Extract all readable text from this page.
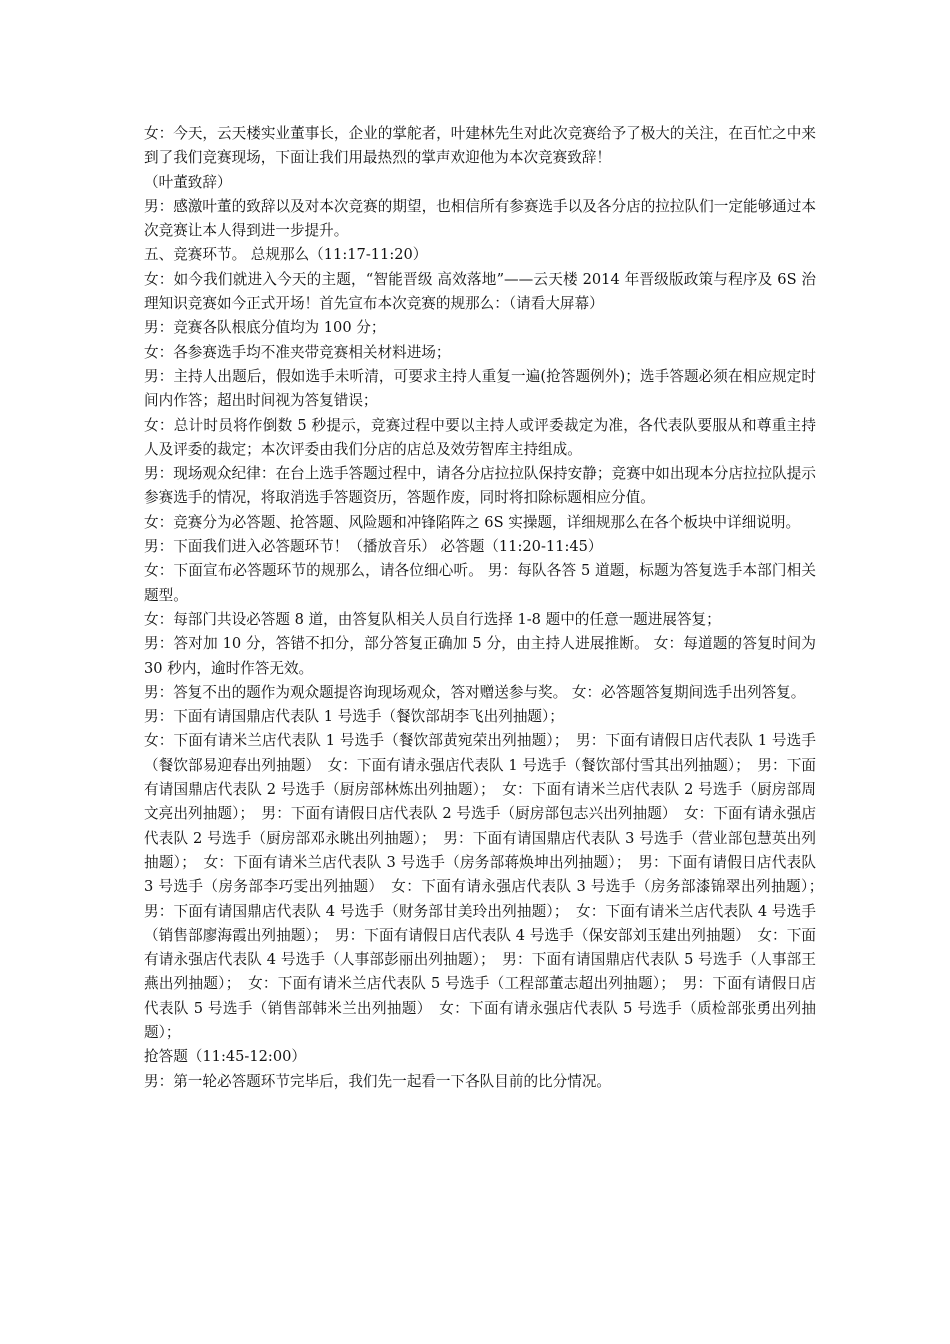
女：今天，云天楼实业董事长，企业的掌舵者，叶建林先生对此次竞赛给予了极大的关注，在百忙之中来到了我们竞赛现场，下面让我们用最热烈的掌声欢迎他为本次竞赛致辞！

（叶董致辞）

男：感激叶董的致辞以及对本次竞赛的期望，也相信所有参赛选手以及各分店的拉拉队们一定能够通过本次竞赛让本人得到进一步提升。

五、竞赛环节。 总规那么（11:17-11:20）

女：如今我们就进入今天的主题，“智能晋级 高效落地”——云天楼 2014 年晋级版政策与程序及 6S 治理知识竞赛如今正式开场！首先宣布本次竞赛的规那么：（请看大屏幕）

男：竞赛各队根底分值均为 100 分；

女：各参赛选手均不准夹带竞赛相关材料进场；

男：主持人出题后，假如选手未听清，可要求主持人重复一遍(抢答题例外)；选手答题必须在相应规定时间内作答；超出时间视为答复错误；

女：总计时员将作倒数 5 秒提示，竞赛过程中要以主持人或评委裁定为准，各代表队要服从和尊重主持人及评委的裁定；本次评委由我们分店的店总及效劳智库主持组成。

男：现场观众纪律：在台上选手答题过程中，请各分店拉拉队保持安静；竞赛中如出现本分店拉拉队提示参赛选手的情况，将取消选手答题资历，答题作废，同时将扣除标题相应分值。

女：竞赛分为必答题、抢答题、风险题和冲锋陷阵之 6S 实操题，详细规那么在各个板块中详细说明。

男：下面我们进入必答题环节！（播放音乐） 必答题（11:20-11:45）

女：下面宣布必答题环节的规那么，请各位细心听。 男：每队各答 5 道题，标题为答复选手本部门相关题型。

女：每部门共设必答题 8 道，由答复队相关人员自行选择 1-8 题中的任意一题进展答复；

男：答对加 10 分，答错不扣分，部分答复正确加 5 分，由主持人进展推断。 女：每道题的答复时间为 30 秒内，逾时作答无效。

男：答复不出的题作为观众题提咨询现场观众，答对赠送参与奖。 女：必答题答复期间选手出列答复。

男：下面有请国鼎店代表队 1 号选手（餐饮部胡李飞出列抽题）；

女：下面有请米兰店代表队 1 号选手（餐饮部黄宛荣出列抽题）；　男：下面有请假日店代表队 1 号选手（餐饮部易迎春出列抽题）　女：下面有请永强店代表队 1 号选手（餐饮部付雪其出列抽题）；　男：下面有请国鼎店代表队 2 号选手（厨房部林炼出列抽题）；　女：下面有请米兰店代表队 2 号选手（厨房部周文亮出列抽题）；　男：下面有请假日店代表队 2 号选手（厨房部包志兴出列抽题）　女：下面有请永强店代表队 2 号选手（厨房部邓永眺出列抽题）；　男：下面有请国鼎店代表队 3 号选手（营业部包慧英出列抽题）；　女：下面有请米兰店代表队 3 号选手（房务部蒋焕坤出列抽题）；　男：下面有请假日店代表队 3 号选手（房务部李巧雯出列抽题）　女：下面有请永强店代表队 3 号选手（房务部漆锦翠出列抽题）；　男：下面有请国鼎店代表队 4 号选手（财务部甘美玲出列抽题）；　女：下面有请米兰店代表队 4 号选手（销售部廖海霞出列抽题）；　男：下面有请假日店代表队 4 号选手（保安部刘玉建出列抽题）　女：下面有请永强店代表队 4 号选手（人事部彭丽出列抽题）；　男：下面有请国鼎店代表队 5 号选手（人事部王燕出列抽题）；　女：下面有请米兰店代表队 5 号选手（工程部董志超出列抽题）；　男：下面有请假日店代表队 5 号选手（销售部韩米兰出列抽题）　女：下面有请永强店代表队 5 号选手（质检部张勇出列抽题）；

抢答题（11:45-12:00）

男：第一轮必答题环节完毕后，我们先一起看一下各队目前的比分情况。
